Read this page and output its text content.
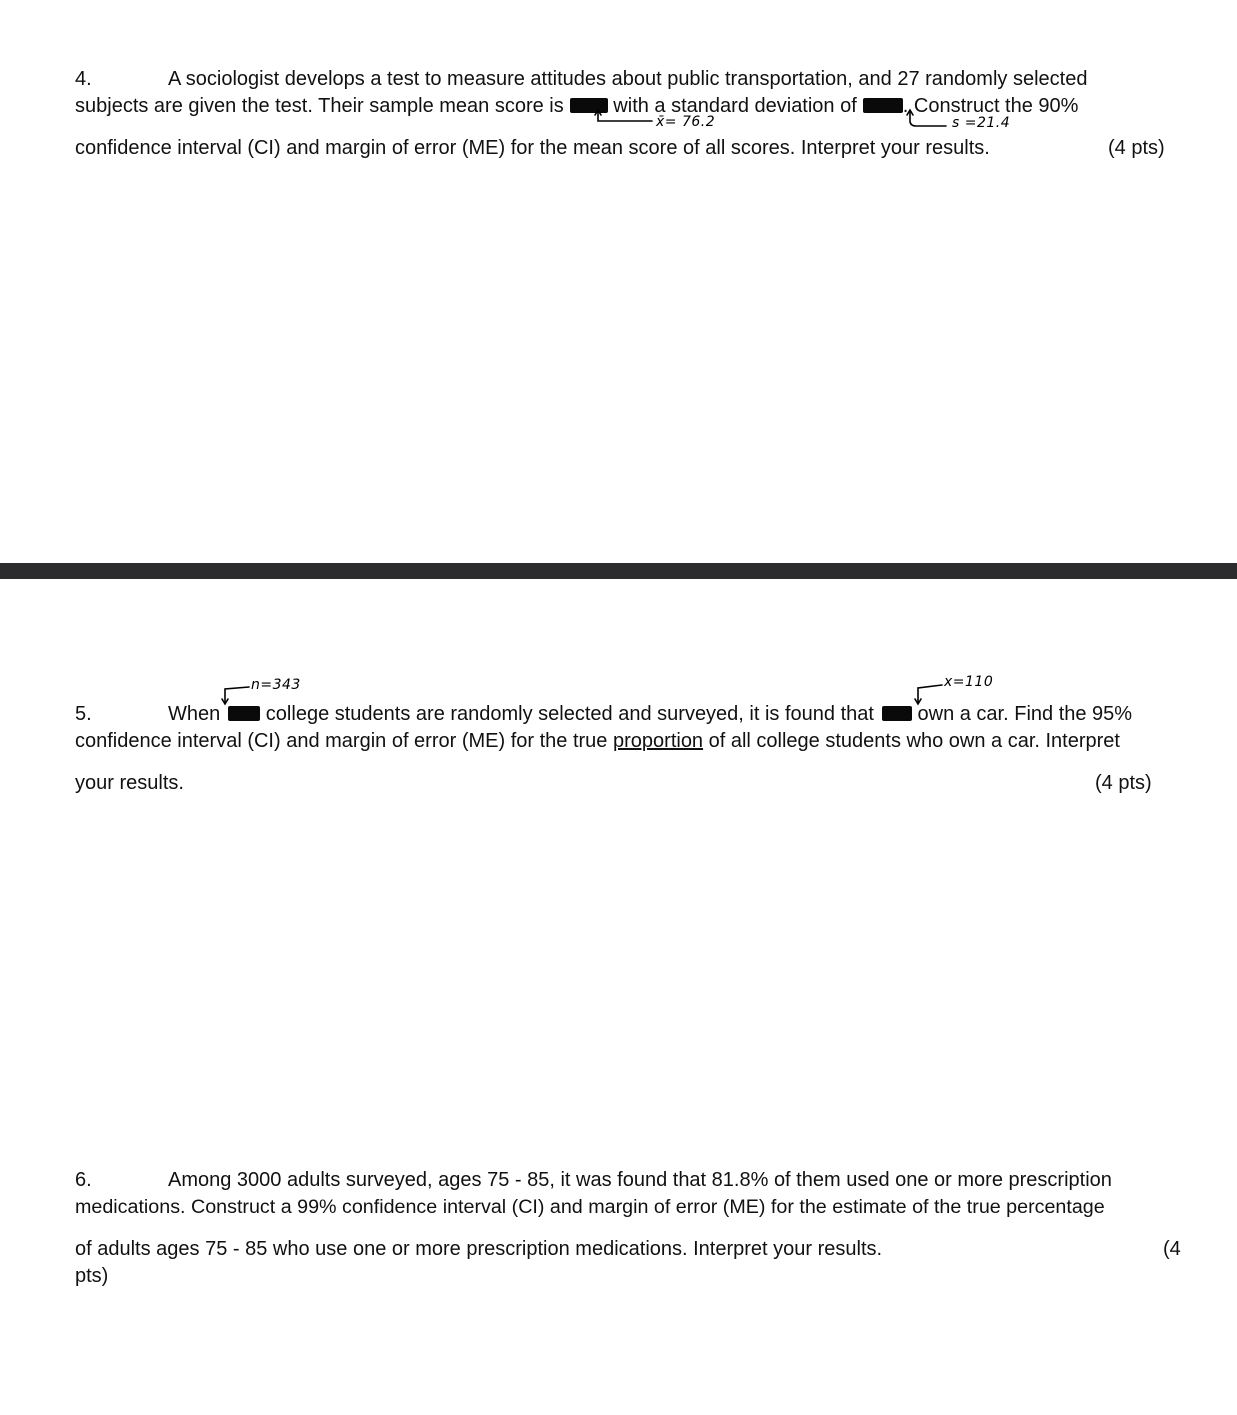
4.	A sociologist develops a test to measure attitudes about public transportation, and 27 randomly selected
subjects are given the test. Their sample mean score is with a standard deviation of . Construct the 90%
x̄= 76.2	s =21.4
confidence interval (CI) and margin of error (ME) for the mean score of all scores. Interpret your results.	(4 pts)
n=343	x=110
5.	When college students are randomly selected and surveyed, it is found that own a car. Find the 95%
confidence interval (CI) and margin of error (ME) for the true proportion of all college students who own a car. Interpret
your results.	(4 pts)
6.	Among 3000 adults surveyed, ages 75 - 85, it was found that 81.8% of them used one or more prescription
medications. Construct a 99% confidence interval (CI) and margin of error (ME) for the estimate of the true percentage
of adults ages 75 - 85 who use one or more prescription medications. Interpret your results.	(4
pts)
